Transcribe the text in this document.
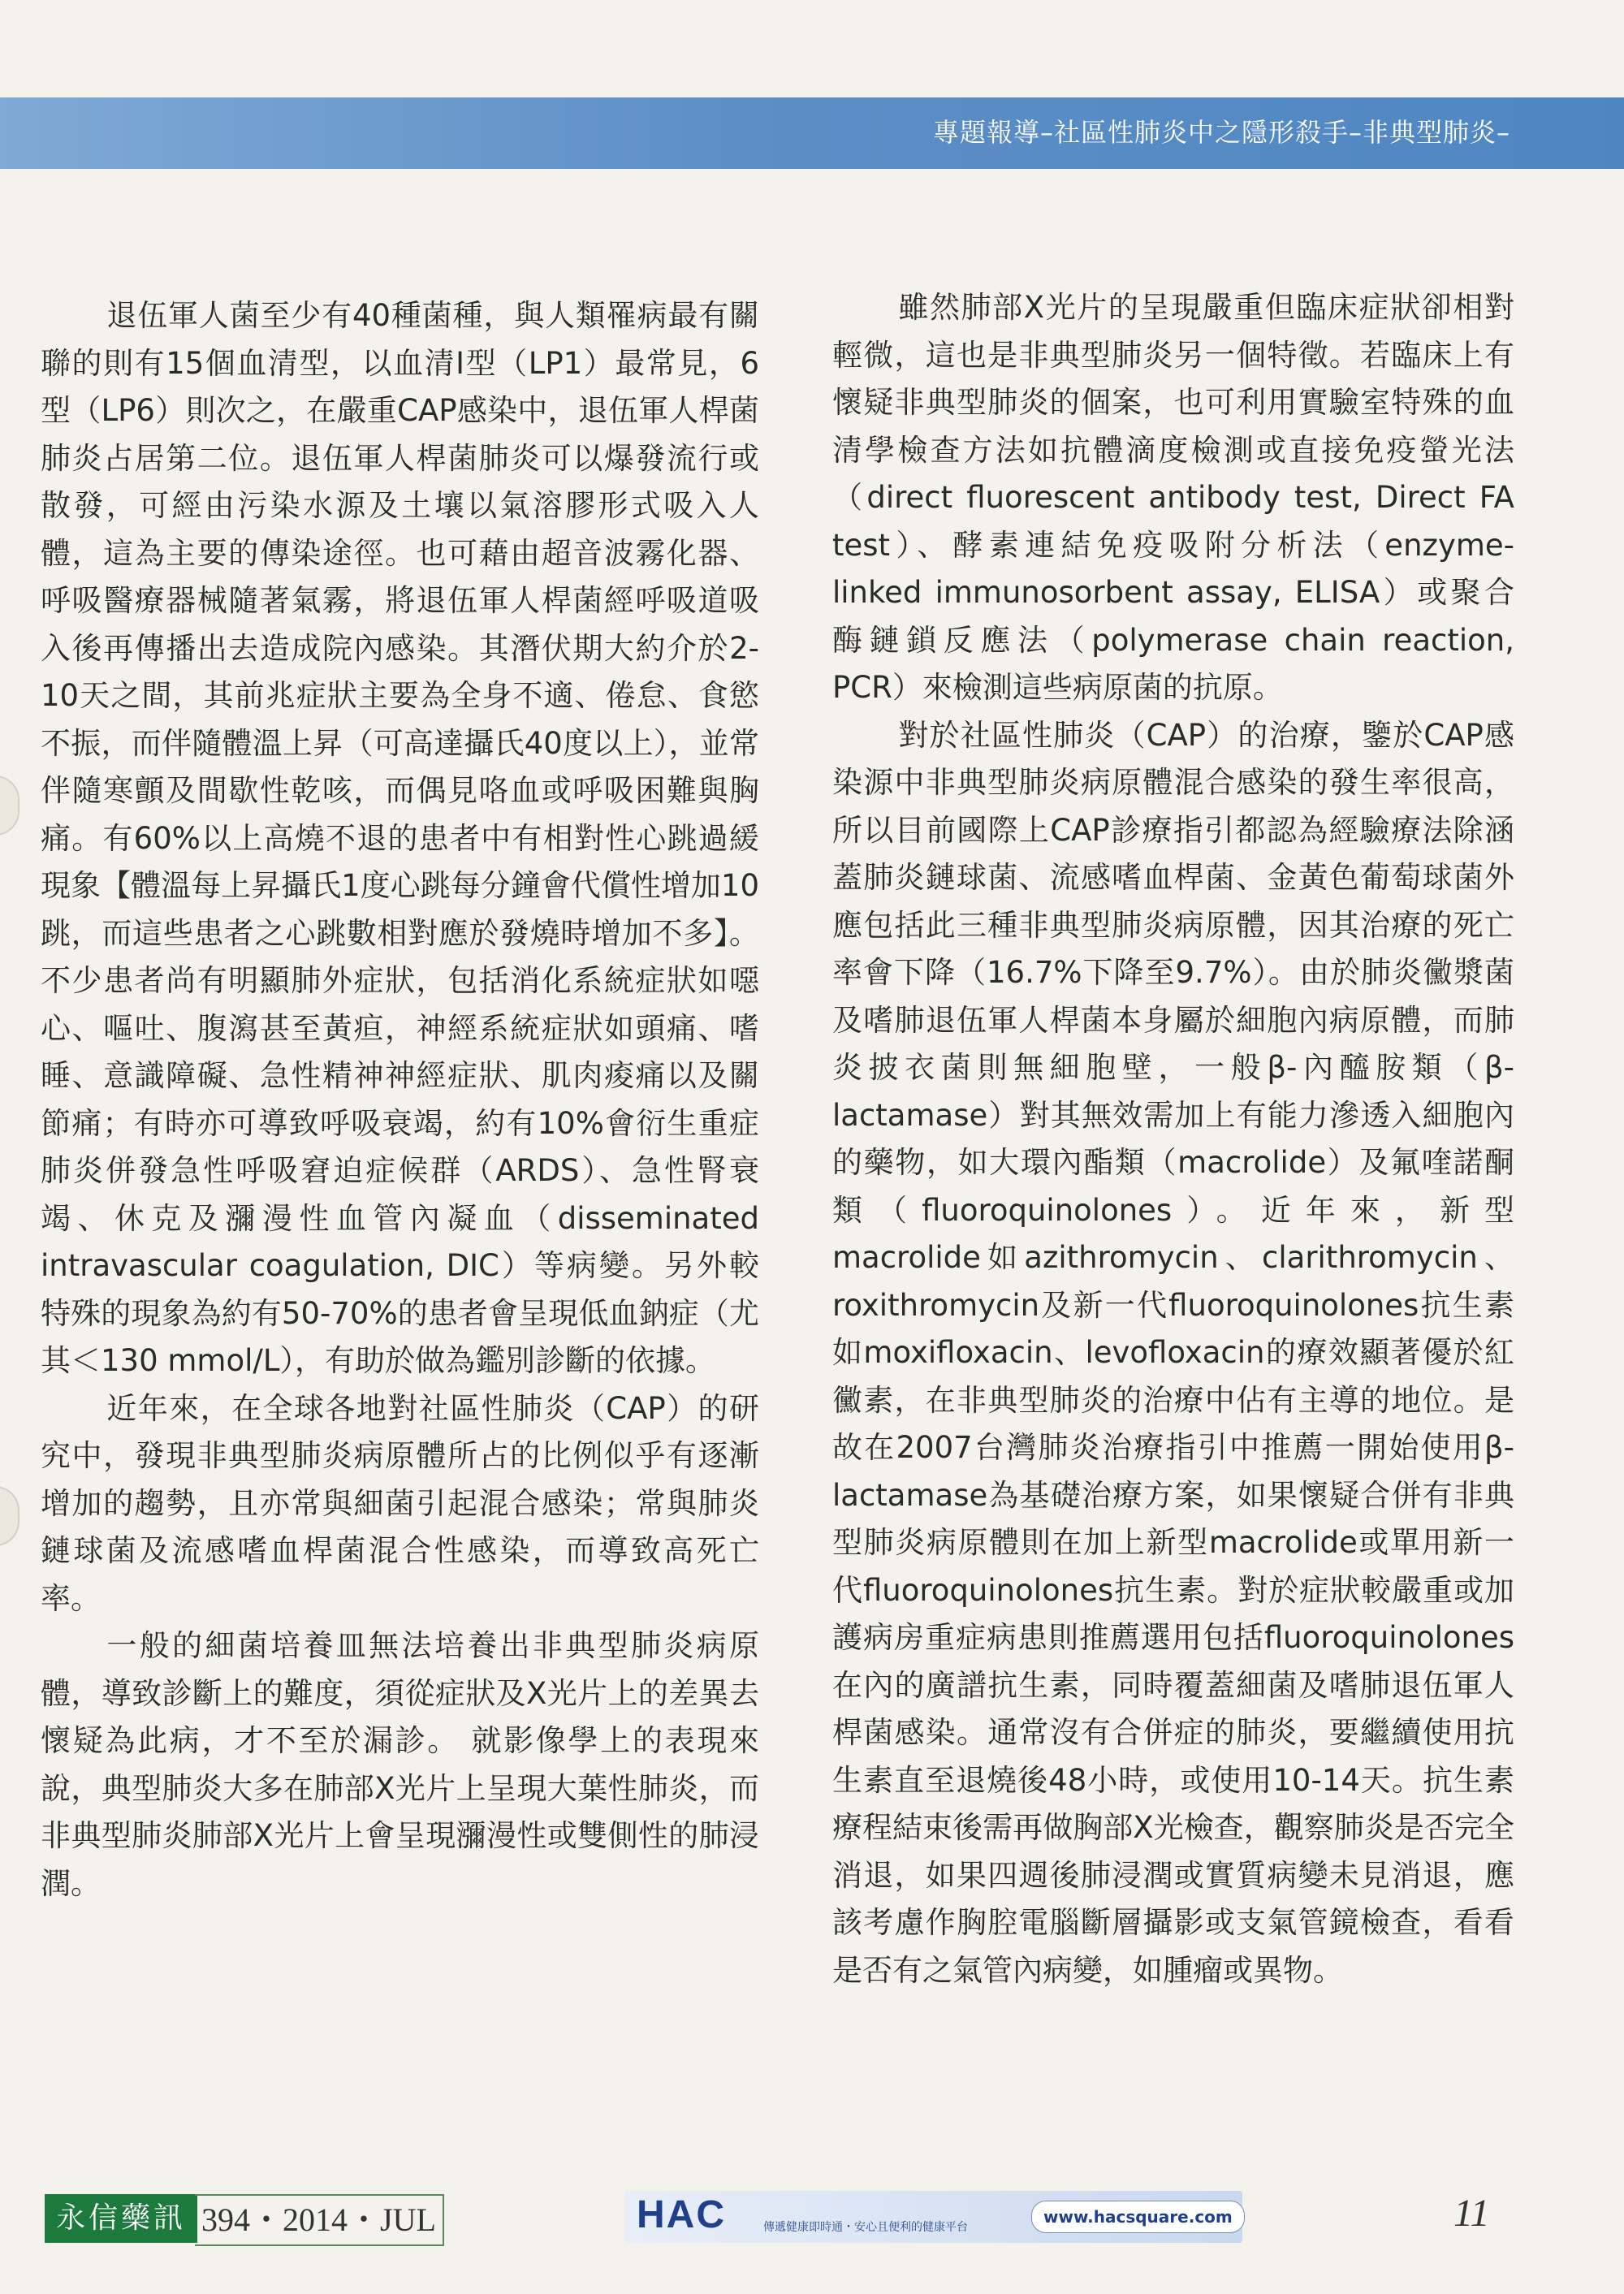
專題報導–社區性肺炎中之隱形殺手–非典型肺炎–

退伍軍人菌至少有40種菌種，與人類罹病最有關聯的則有15個血清型，以血清I型（LP1）最常見，6型（LP6）則次之，在嚴重CAP感染中，退伍軍人桿菌肺炎占居第二位。退伍軍人桿菌肺炎可以爆發流行或散發，可經由污染水源及土壤以氣溶膠形式吸入人體，這為主要的傳染途徑。也可藉由超音波霧化器、呼吸醫療器械隨著氣霧，將退伍軍人桿菌經呼吸道吸入後再傳播出去造成院內感染。其潛伏期大約介於2-10天之間，其前兆症狀主要為全身不適、倦怠、食慾不振，而伴隨體溫上昇（可高達攝氏40度以上），並常伴隨寒顫及間歇性乾咳，而偶見咯血或呼吸困難與胸痛。有60%以上高燒不退的患者中有相對性心跳過緩現象【體溫每上昇攝氏1度心跳每分鐘會代償性增加10跳，而這些患者之心跳數相對應於發燒時增加不多】。不少患者尚有明顯肺外症狀，包括消化系統症狀如噁心、嘔吐、腹瀉甚至黃疸，神經系統症狀如頭痛、嗜睡、意識障礙、急性精神神經症狀、肌肉痠痛以及關節痛；有時亦可導致呼吸衰竭，約有10%會衍生重症肺炎併發急性呼吸窘迫症候群（ARDS）、急性腎衰竭、休克及瀰漫性血管內凝血（disseminated intravascular coagulation, DIC）等病變。另外較特殊的現象為約有50-70%的患者會呈現低血鈉症（尤其＜130 mmol/L），有助於做為鑑別診斷的依據。

近年來，在全球各地對社區性肺炎（CAP）的研究中，發現非典型肺炎病原體所占的比例似乎有逐漸增加的趨勢，且亦常與細菌引起混合感染；常與肺炎鏈球菌及流感嗜血桿菌混合性感染，而導致高死亡率。

一般的細菌培養皿無法培養出非典型肺炎病原體，導致診斷上的難度，須從症狀及X光片上的差異去懷疑為此病，才不至於漏診。 就影像學上的表現來說，典型肺炎大多在肺部X光片上呈現大葉性肺炎，而非典型肺炎肺部X光片上會呈現瀰漫性或雙側性的肺浸潤。

雖然肺部X光片的呈現嚴重但臨床症狀卻相對輕微，這也是非典型肺炎另一個特徵。若臨床上有懷疑非典型肺炎的個案，也可利用實驗室特殊的血清學檢查方法如抗體滴度檢測或直接免疫螢光法（direct fluorescent antibody test, Direct FA test）、酵素連結免疫吸附分析法（enzyme-linked immunosorbent assay, ELISA）或聚合酶鏈鎖反應法（polymerase chain reaction, PCR）來檢測這些病原菌的抗原。

對於社區性肺炎（CAP）的治療，鑒於CAP感染源中非典型肺炎病原體混合感染的發生率很高，所以目前國際上CAP診療指引都認為經驗療法除涵蓋肺炎鏈球菌、流感嗜血桿菌、金黃色葡萄球菌外應包括此三種非典型肺炎病原體，因其治療的死亡率會下降（16.7%下降至9.7%）。由於肺炎黴漿菌及嗜肺退伍軍人桿菌本身屬於細胞內病原體，而肺炎披衣菌則無細胞壁，一般β-內醯胺類（β-lactamase）對其無效需加上有能力滲透入細胞內的藥物，如大環內酯類（macrolide）及氟喹諾酮類（fluoroquinolones）。近年來，新型macrolide如azithromycin、clarithromycin、roxithromycin及新一代fluoroquinolones抗生素如moxifloxacin、levofloxacin的療效顯著優於紅黴素，在非典型肺炎的治療中佔有主導的地位。是故在2007台灣肺炎治療指引中推薦一開始使用β-lactamase為基礎治療方案，如果懷疑合併有非典型肺炎病原體則在加上新型macrolide或單用新一代fluoroquinolones抗生素。對於症狀較嚴重或加護病房重症病患則推薦選用包括fluoroquinolones在內的廣譜抗生素，同時覆蓋細菌及嗜肺退伍軍人桿菌感染。通常沒有合併症的肺炎，要繼續使用抗生素直至退燒後48小時，或使用10-14天。抗生素療程結束後需再做胸部X光檢查，觀察肺炎是否完全消退，如果四週後肺浸潤或實質病變未見消退，應該考慮作胸腔電腦斷層攝影或支氣管鏡檢查，看看是否有之氣管內病變，如腫瘤或異物。

永信藥訊 394・2014・JUL	HAC	傳遞健康即時通・安心且便利的健康平台
www.hacsquare.com	11
